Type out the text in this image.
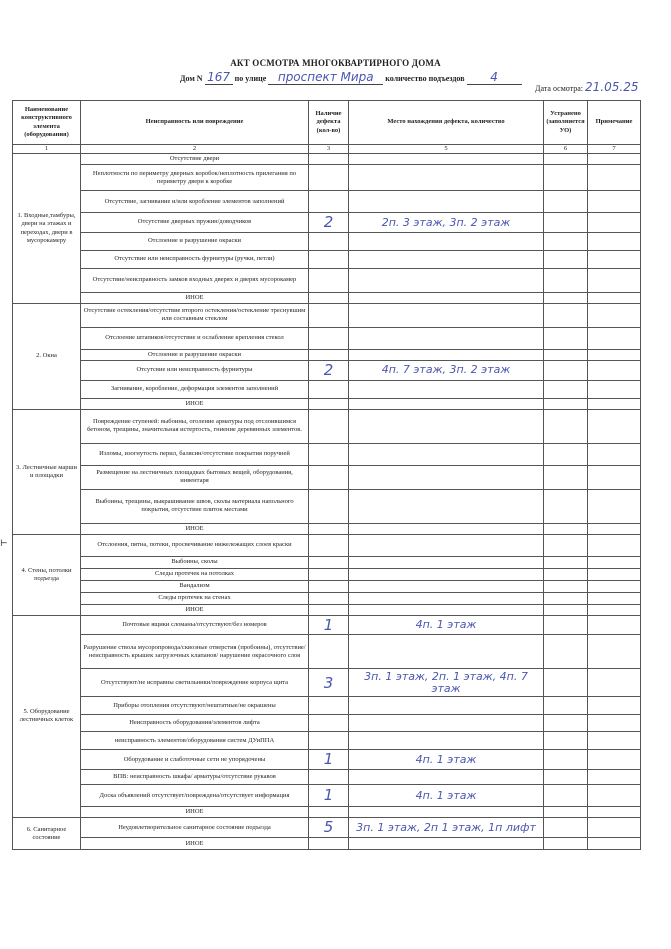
АКТ ОСМОТРА МНОГОКВАРТИРНОГО ДОМА
Дом N 167 по улице проспект Мира количество подъездов 4
Дата осмотра: 21.05.25
Наименование конструктивного элемента (оборудования)	Неисправность или повреждение	Наличие дефекта (кол-во)	Место нахождения дефекта, количество	Устранено (заполняется УО)	Примечание
1	2	3	5	6	7
1. Входные,тамбуры, двери на этажах и переходах, двери в мусорокамеру	Отсутствие двери				
	Неплотности по периметру дверных коробок/неплотность прилегания по периметру двери к коробке				
	Отсутствие, загнивание и/или коробление элементов заполнений				
	Отсутствие дверных пружин/доводчиков	2	2п. 3 этаж, 3п. 2 этаж		
	Отслоение и разрушение окраски				
	Отсутствие или неисправность фурнитуры (ручки, петли)				
	Отсутствие/неисправность замков входных дверях и дверях мусорокамер				
	ИНОЕ				
2. Окна	Отсутствие остекления/отсутствие второго остекления/остекление треснувшим или составным стеклом				
	Отслоение штапиков/отсутствие и ослабление крепления стекол				
	Отслоение и разрушение окраски				
	Отсутсвие или неисправность фурнитуры	2	4п. 7 этаж, 3п. 2 этаж		
	Загнивание, коробление, деформация элементов заполнений				
	ИНОЕ				
3. Лестничные марши и площадки	Повреждение ступеней: выбоины, оголение арматуры под отслоившимся бетоном, трещины, значительная истертость, гниение деревянных элементов.				
	Изломы, изогнутость перил, балясин/отсутствие покрытия поручней				
	Размещение на лестничных площадках бытовых вещей, оборудования, инвентаря				
	Выбоины, трещины, выкрашивание швов, сколы материала напольного покрытия, отсутствие плиток местами				
	ИНОЕ				
4. Стены, потолки подъезда	Отслоения, пятна, потеки, просвечивание нижележащих слоев краски				
	Выбоины, сколы				
	Следы протечек на потолках				
	Вандализм				
	Следы протечек на стенах				
	ИНОЕ				
5. Оборудование лестничных клеток	Почтовые ящики сломаны/отсутствуют/без номеров	1	4п. 1 этаж		
	Разрушение ствола мусоропровода/сквозные отверстия (пробоины), отсутствие/неисправность крышек загрузочных клапанов/ нарушение окрасочного слоя				
	Отсутствуют/не исправны светильники/повреждение корпуса щита	3	3п. 1 этаж, 2п. 1 этаж, 4п. 7 этаж		
	Приборы отопления отсутствуют/нештатные/не окрашены				
	Неисправность оборудования/элементов лифта				
	неисправность элементов/оборудования систем ДУиППА				
	Оборудование и слаботочные сети не упорядочены	1	4п. 1 этаж		
	ВПВ: неисправность шкафа/ арматуры/отсутствие рукавов				
	Доска объявлений отсутствует/повреждена/отсутствует информация	1	4п. 1 этаж		
	ИНОЕ				
6. Санитарное состояние	Неудовлетворительное санитарное состояние подъезда	5	3п. 1 этаж, 2п 1 этаж, 1п лифт		
	ИНОЕ				
⊢
